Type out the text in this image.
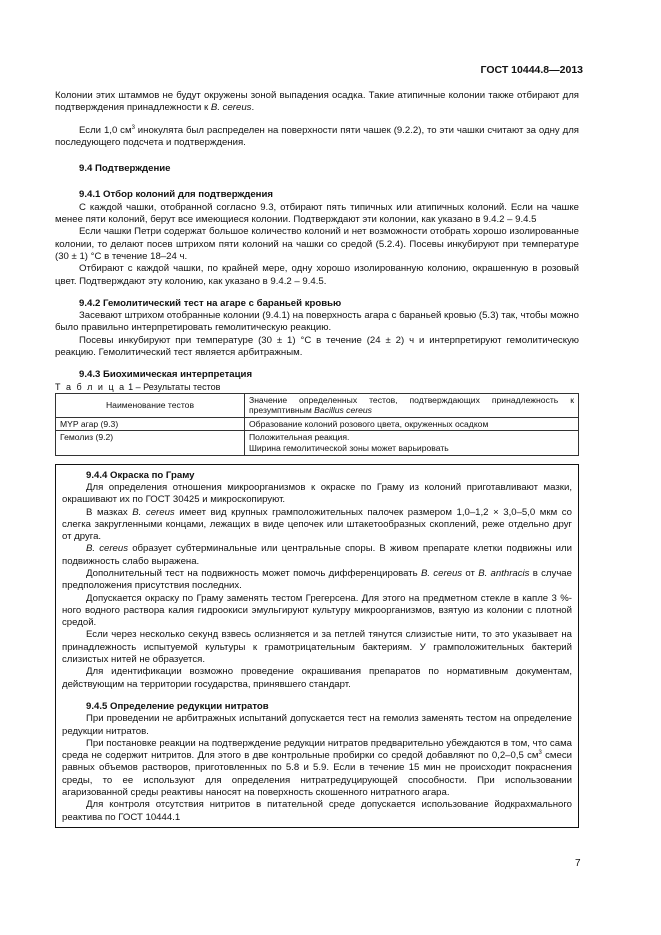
ГОСТ 10444.8—2013

Колонии этих штаммов не будут окружены зоной выпадения осадка. Такие атипичные колонии также отбирают для подтверждения принадлежности к B. cereus.

Если 1,0 $см^3$ инокулята был распределен на поверхности пяти чашек (9.2.2), то эти чашки считают за одну для последующего подсчета и подтверждения.

9.4 Подтверждение

9.4.1 Отбор колоний для подтверждения

С каждой чашки, отобранной согласно 9.3, отбирают пять типичных или атипичных колоний. Если на чашке менее пяти колоний, берут все имеющиеся колонии. Подтверждают эти колонии, как указано в 9.4.2 – 9.4.5

Если чашки Петри содержат большое количество колоний и нет возможности отобрать хорошо изолированные колонии, то делают посев штрихом пяти колоний на чашки со средой (5.2.4). Посевы инкубируют при температуре (30 ± 1) °С в течение 18–24 ч.

Отбирают с каждой чашки, по крайней мере, одну хорошо изолированную колонию, окрашенную в розовый цвет. Подтверждают эту колонию, как указано в 9.4.2 – 9.4.5.

9.4.2 Гемолитический тест на агаре с бараньей кровью

Засевают штрихом отобранные колонии (9.4.1) на поверхность агара с бараньей кровью (5.3) так, чтобы можно было правильно интерпретировать гемолитическую реакцию.

Посевы инкубируют при температуре (30 ± 1) °С в течение (24 ± 2) ч и интерпретируют гемолитическую реакцию. Гемолитический тест является арбитражным.

9.4.3 Биохимическая интерпретация

Т а б л и ц а 1 – Результаты тестов

Наименование тестов	Значение определенных тестов, подтверждающих принадлежность к презумптивным Bacillus cereus
MYP агар (9.3)	Образование колоний розового цвета, окруженных осадком
Гемолиз (9.2)	Положительная реакция.
Ширина гемолитической зоны может варьировать

9.4.4 Окраска по Граму

Для определения отношения микроорганизмов к окраске по Граму из колоний приготавливают мазки, окрашивают их по ГОСТ 30425 и микроскопируют.

В мазках B. cereus имеет вид крупных грамположительных палочек размером 1,0–1,2 × 3,0–5,0 мкм со слегка закругленными концами, лежащих в виде цепочек или штакетообразных скоплений, реже отдельно друг от друга.

B. cereus образует субтерминальные или центральные споры. В живом препарате клетки подвижны или подвижность слабо выражена.

Дополнительный тест на подвижность может помочь дифференцировать B. cereus от B. anthracis в случае предположения присутствия последних.

Допускается окраску по Граму заменять тестом Грегерсена. Для этого на предметном стекле в капле 3 %-ного водного раствора калия гидроокиси эмульгируют культуру микроорганизмов, взятую из колонии с плотной средой.

Если через несколько секунд взвесь ослизняется и за петлей тянутся слизистые нити, то это указывает на принадлежность испытуемой культуры к грамотрицательным бактериям. У грамположительных бактерий слизистых нитей не образуется.

Для идентификации возможно проведение окрашивания препаратов по нормативным документам, действующим на территории государства, принявшего стандарт.

9.4.5 Определение редукции нитратов

При проведении не арбитражных испытаний допускается тест на гемолиз заменять тестом на определение редукции нитратов.

При постановке реакции на подтверждение редукции нитратов предварительно убеждаются в том, что сама среда не содержит нитритов. Для этого в две контрольные пробирки со средой добавляют по 0,2–0,5 $см^3$ смеси равных объемов растворов, приготовленных по 5.8 и 5.9. Если в течение 15 мин не происходит покраснения среды, то ее используют для определения нитратредуцирующей способности. При использовании агаризованной среды реактивы наносят на поверхность скошенного нитратного агара.

Для контроля отсутствия нитритов в питательной среде допускается использование йодкрахмального реактива по ГОСТ 10444.1

7
